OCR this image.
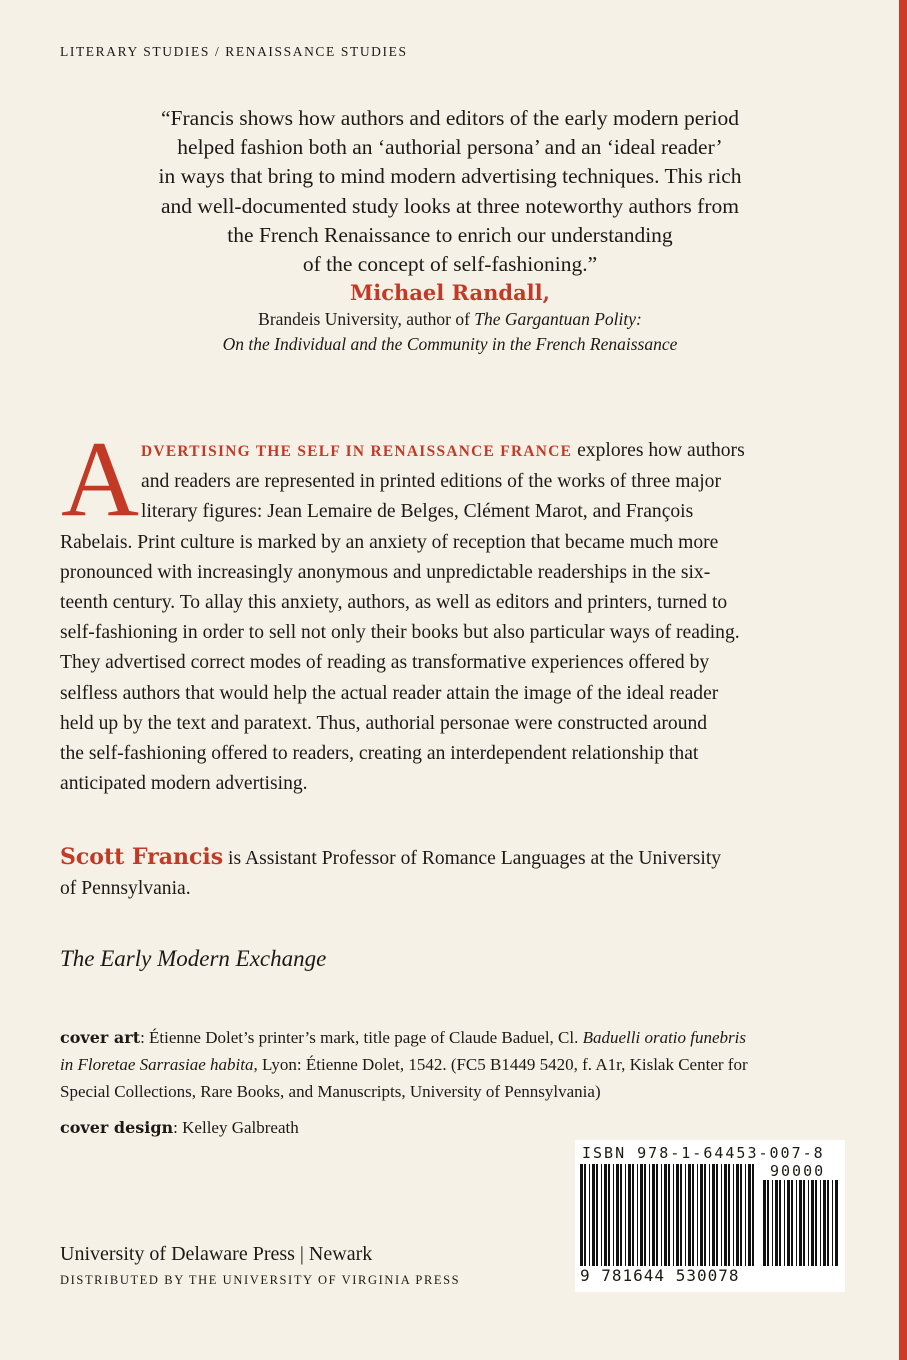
LITERARY STUDIES / RENAISSANCE STUDIES

“Francis shows how authors and editors of the early modern period

helped fashion both an ‘authorial persona’ and an ‘ideal reader’

in ways that bring to mind modern advertising techniques. This rich

and well-documented study looks at three noteworthy authors from

the French Renaissance to enrich our understanding

of the concept of self-fashioning.”

Michael Randall,
Brandeis University, author of The Gargantuan Polity:
On the Individual and the Community in the French Renaissance
A DVERTISING THE SELF IN RENAISSANCE FRANCE explores how authors
and readers are represented in printed editions of the works of three major
literary figures: Jean Lemaire de Belges, Clément Marot, and François
Rabelais. Print culture is marked by an anxiety of reception that became much more
pronounced with increasingly anonymous and unpredictable readerships in the six-
teenth century. To allay this anxiety, authors, as well as editors and printers, turned to
self-fashioning in order to sell not only their books but also particular ways of reading.
They advertised correct modes of reading as transformative experiences offered by
selfless authors that would help the actual reader attain the image of the ideal reader
held up by the text and paratext. Thus, authorial personae were constructed around
the self-fashioning offered to readers, creating an interdependent relationship that
anticipated modern advertising.
Scott Francis is Assistant Professor of Romance Languages at the University
of Pennsylvania.
The Early Modern Exchange
cover art: Étienne Dolet’s printer’s mark, title page of Claude Baduel, Cl. Baduelli oratio funebris
in Floretae Sarrasiae habita, Lyon: Étienne Dolet, 1542. (FC5 B1449 5420, f. A1r, Kislak Center for
Special Collections, Rare Books, and Manuscripts, University of Pennsylvania)
cover design: Kelley Galbreath
ISBN 978-1-64453-007-8
90000
9 781644 530078
University of Delaware Press | Newark
DISTRIBUTED BY THE UNIVERSITY OF VIRGINIA PRESS
